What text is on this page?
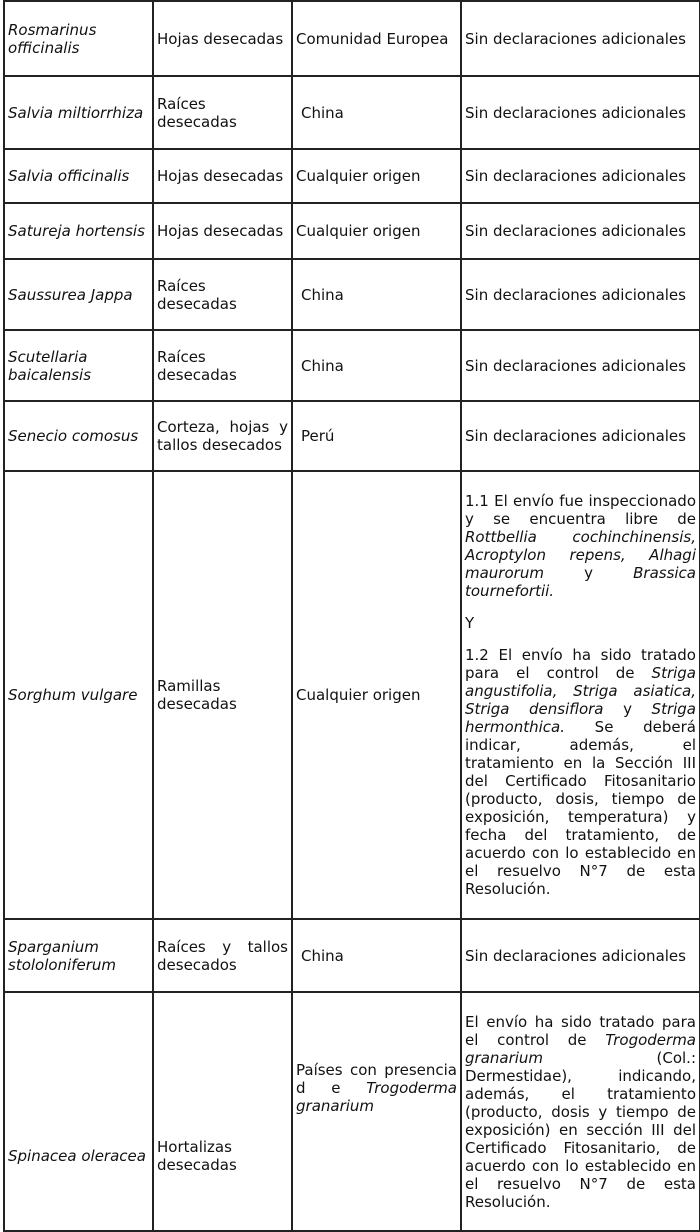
Rosmarinus officinalis	Hojas desecadas	Comunidad Europea	Sin declaraciones adicionales
Salvia miltiorrhiza	Raíces desecadas	China	Sin declaraciones adicionales
Salvia officinalis	Hojas desecadas	Cualquier origen	Sin declaraciones adicionales
Satureja hortensis	Hojas desecadas	Cualquier origen	Sin declaraciones adicionales
Saussurea Jappa	Raíces desecadas	China	Sin declaraciones adicionales
Scutellaria baicalensis	Raíces desecadas	China	Sin declaraciones adicionales
Senecio comosus	Corteza, hojas y tallos desecados	Perú	Sin declaraciones adicionales
Sorghum vulgare	Ramillas desecadas	Cualquier origen	1.1 El envío fue inspeccionado y se encuentra libre de Rottbellia cochinchinensis, Acroptylon repens, Alhagi maurorum y Brassica tournefortii.
Y
1.2 El envío ha sido tratado para el control de Striga angustifolia, Striga asiatica, Striga densiflora y Striga hermonthica. Se deberá indicar, además, el tratamiento en la Sección III del Certificado Fitosanitario (producto, dosis, tiempo de exposición, temperatura) y fecha del tratamiento, de acuerdo con lo establecido en el resuelvo N°7 de esta Resolución.

Sparganium stololoniferum	Raíces y tallos desecados	China	Sin declaraciones adicionales
Spinacea oleracea	Hortalizas desecadas	Países con presencia d e Trogoderma granarium	El envío ha sido tratado para el control de Trogoderma granarium (Col.: Dermestidae), indicando, además, el tratamiento (producto, dosis y tiempo de exposición) en sección III del Certificado Fitosanitario, de acuerdo con lo establecido en el resuelvo N°7 de esta Resolución.
